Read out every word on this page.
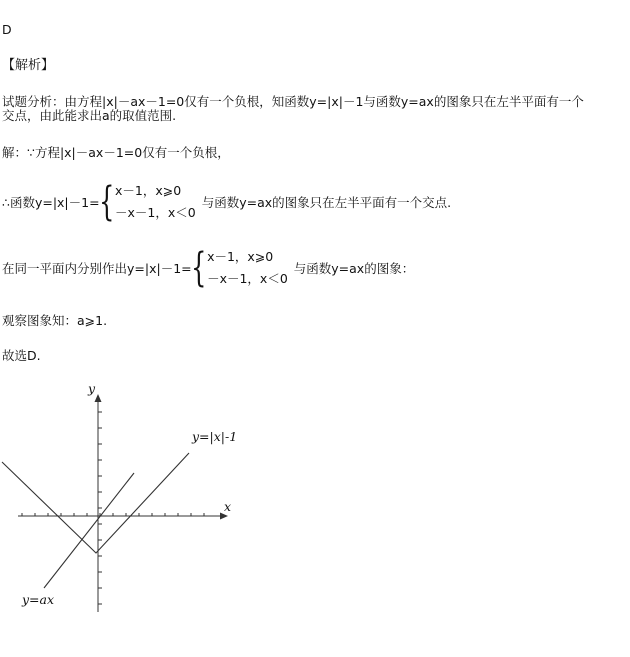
D
【解析】
试题分析：由方程|x|－ax－1=0仅有一个负根，知函数y=|x|－1与函数y=ax的图象只在左半平面有一个
交点，由此能求出a的取值范围.
解：∵方程|x|－ax－1=0仅有一个负根，
∴函数y=|x|－1= { x－1，x⩾0
－x－1，x＜0
与函数y=ax的图象只在左半平面有一个交点.
在同一平面内分别作出y=|x|－1= { x－1，x⩾0
－x－1，x＜0
与函数y=ax的图象：
观察图象知：a⩾1.
故选D.
y
x
y=|x|-1
y=ax
